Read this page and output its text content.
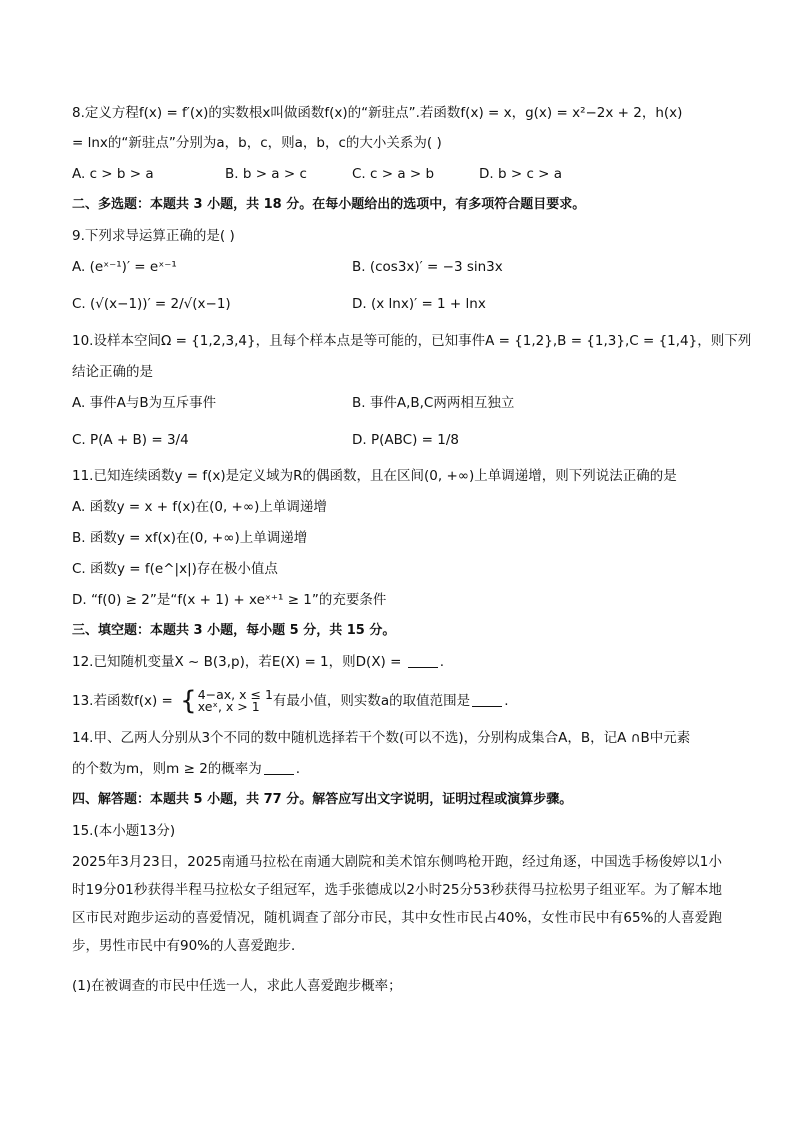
8.定义方程f(x) = f′(x)的实数根x叫做函数f(x)的“新驻点”.若函数f(x) = x，g(x) = x²−2x + 2，h(x)
= lnx的“新驻点”分别为a，b，c，则a，b，c的大小关系为( )
A. c > b > a	B. b > a > c	C. c > a > b	D. b > c > a
二、多选题：本题共 3 小题，共 18 分。在每小题给出的选项中，有多项符合题目要求。
9.下列求导运算正确的是( )
A. (eˣ⁻¹)′ = eˣ⁻¹	B. (cos3x)′ = −3 sin3x
C. (√(x−1))′ = 2/√(x−1)	D. (x lnx)′ = 1 + lnx
10.设样本空间Ω = {1,2,3,4}，且每个样本点是等可能的，已知事件A = {1,2},B = {1,3},C = {1,4}，则下列
结论正确的是
A. 事件A与B为互斥事件	B. 事件A,B,C两两相互独立
C. P(A + B) = 3/4	D. P(ABC) = 1/8
11.已知连续函数y = f(x)是定义域为R的偶函数，且在区间(0, +∞)上单调递增，则下列说法正确的是
A. 函数y = x + f(x)在(0, +∞)上单调递增
B. 函数y = xf(x)在(0, +∞)上单调递增
C. 函数y = f(e^|x|)存在极小值点
D. “f(0) ≥ 2”是“f(x + 1) + xeˣ⁺¹ ≥ 1”的充要条件
三、填空题：本题共 3 小题，每小题 5 分，共 15 分。
12.已知随机变量X ~ B(3,p)，若E(X) = 1，则D(X) =	.
13.若函数f(x) = { 4−ax, x ≤ 1
xeˣ, x > 1 有最小值，则实数a的取值范围是	.
14.甲、乙两人分别从3个不同的数中随机选择若干个数(可以不选)，分别构成集合A，B，记A ∩B中元素
的个数为m，则m ≥ 2的概率为	.
四、解答题：本题共 5 小题，共 77 分。解答应写出文字说明，证明过程或演算步骤。
15.(本小题13分)
2025年3月23日，2025南通马拉松在南通大剧院和美术馆东侧鸣枪开跑，经过角逐，中国选手杨俊婷以1小时19分01秒获得半程马拉松女子组冠军，选手张德成以2小时25分53秒获得马拉松男子组亚军。为了解本地区市民对跑步运动的喜爱情况，随机调查了部分市民，其中女性市民占40%，女性市民中有65%的人喜爱跑步，男性市民中有90%的人喜爱跑步．
(1)在被调查的市民中任选一人，求此人喜爱跑步概率；
